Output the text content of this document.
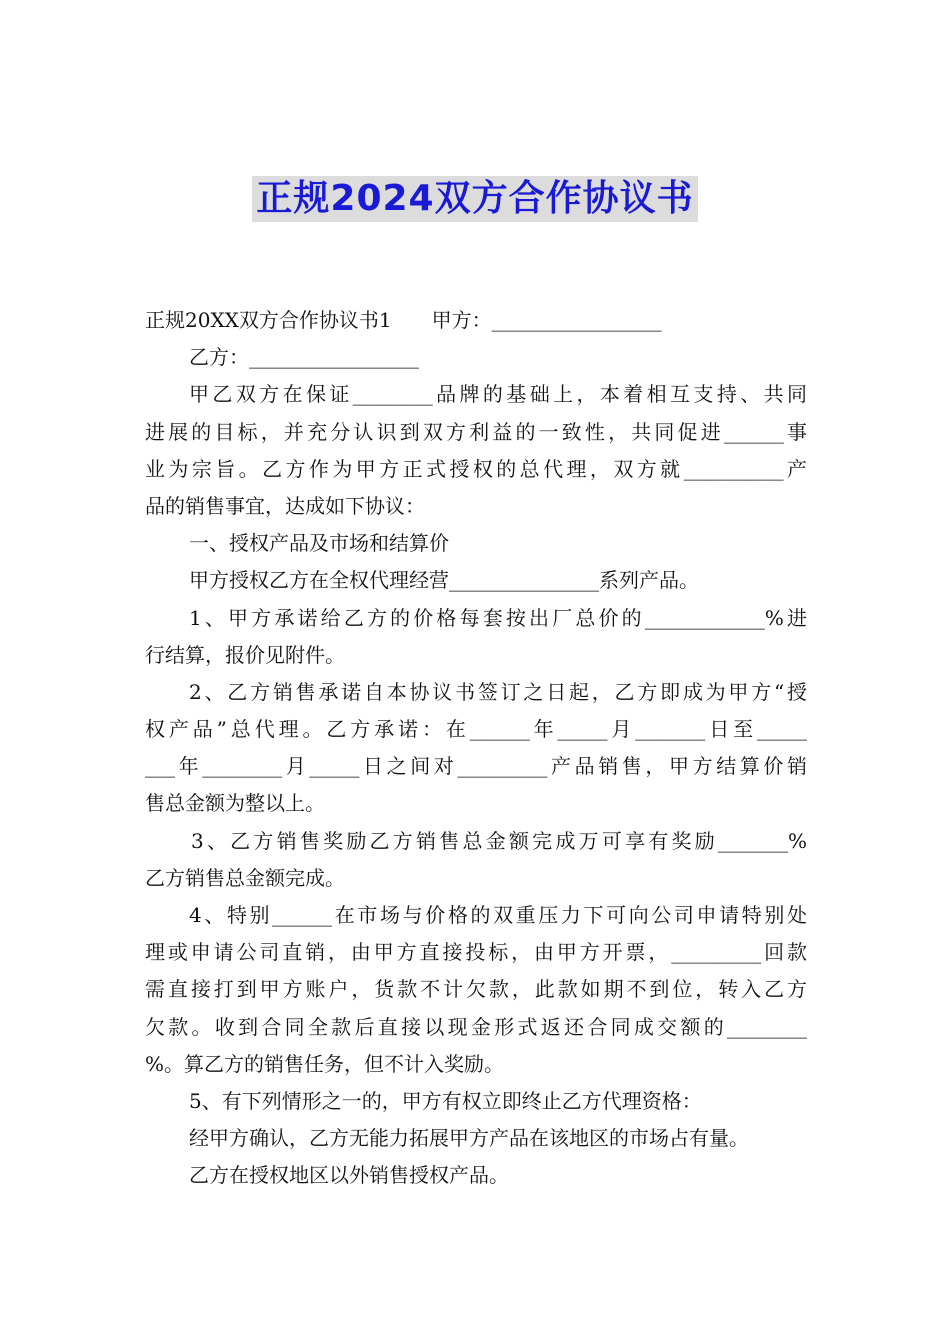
正规2024双方合作协议书
正规20XX双方合作协议书1　　甲方：_________________
乙方：_________________
甲乙双方在保证________品牌的基础上，本着相互支持、共同
进展的目标，并充分认识到双方利益的一致性，共同促进______事
业为宗旨。乙方作为甲方正式授权的总代理，双方就__________产
品的销售事宜，达成如下协议：
一、授权产品及市场和结算价
甲方授权乙方在全权代理经营_______________系列产品。
1、甲方承诺给乙方的价格每套按出厂总价的____________%进
行结算，报价见附件。
2、乙方销售承诺自本协议书签订之日起，乙方即成为甲方“授
权产品”总代理。乙方承诺：在______年_____月_______日至_____
___年________月_____日之间对_________产品销售，甲方结算价销
售总金额为整以上。
3、乙方销售奖励乙方销售总金额完成万可享有奖励_______%
乙方销售总金额完成。
4、特别______在市场与价格的双重压力下可向公司申请特别处
理或申请公司直销，由甲方直接投标，由甲方开票，_________回款
需直接打到甲方账户，货款不计欠款，此款如期不到位，转入乙方
欠款。收到合同全款后直接以现金形式返还合同成交额的________
%。算乙方的销售任务，但不计入奖励。
5、有下列情形之一的，甲方有权立即终止乙方代理资格：
经甲方确认，乙方无能力拓展甲方产品在该地区的市场占有量。
乙方在授权地区以外销售授权产品。
